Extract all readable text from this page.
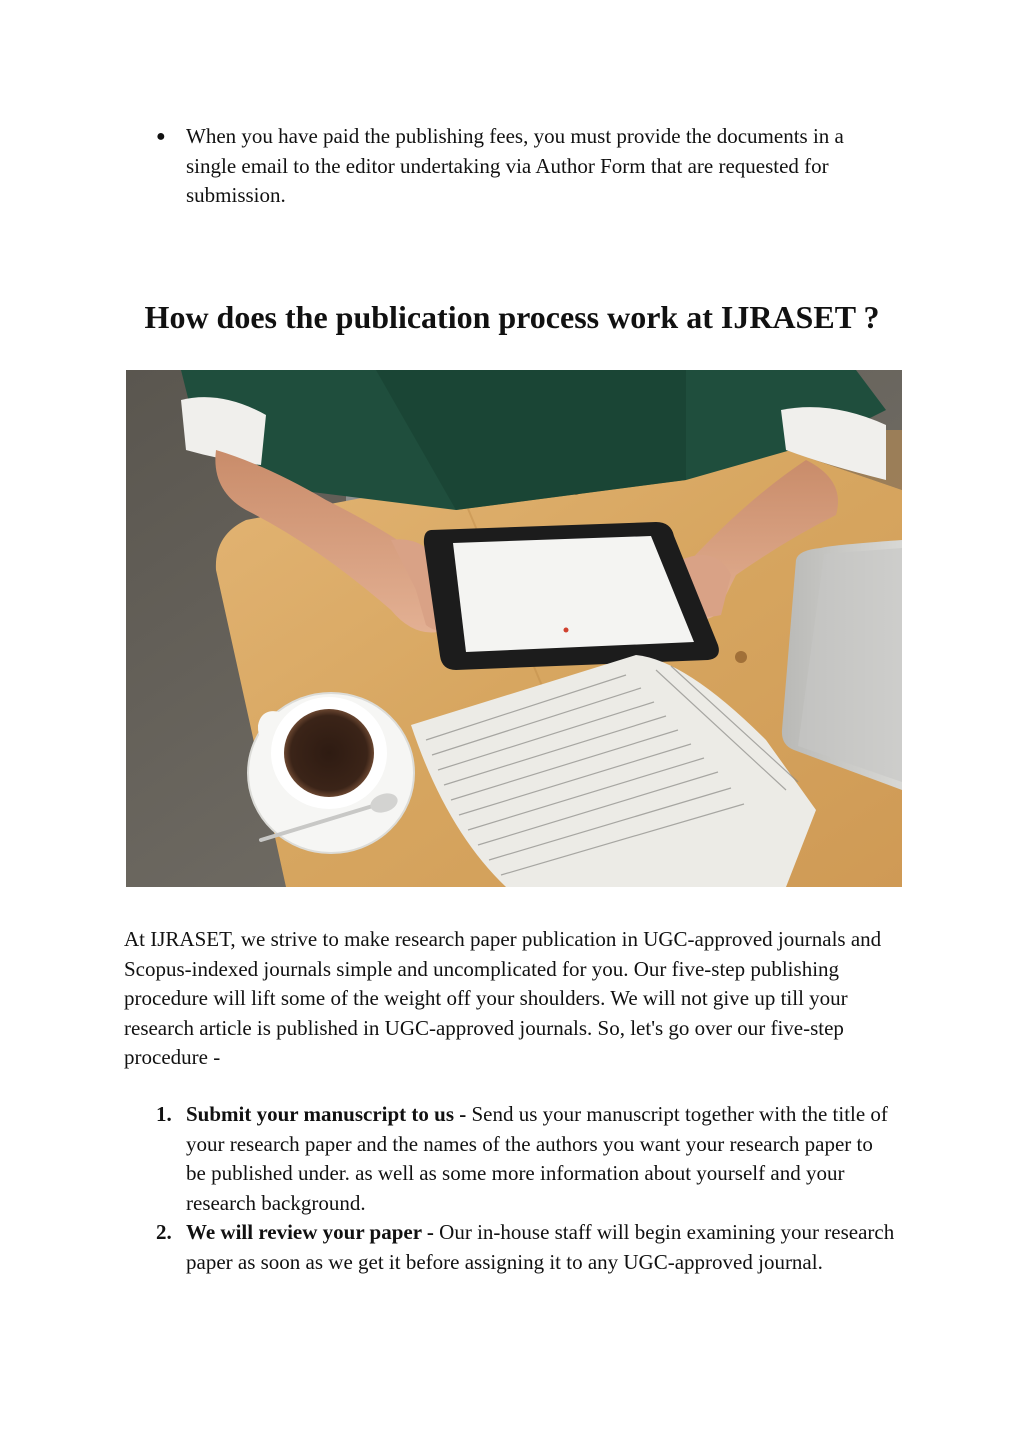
● When you have paid the publishing fees, you must provide the documents in a single email to the editor undertaking via Author Form that are requested for submission.
How does the publication process work at IJRASET ?

At IJRASET, we strive to make research paper publication in UGC-approved journals and Scopus-indexed journals simple and uncomplicated for you. Our five-step publishing procedure will lift some of the weight off your shoulders. We will not give up till your research article is published in UGC-approved journals. So, let's go over our five-step procedure -

1. Submit your manuscript to us - Send us your manuscript together with the title of your research paper and the names of the authors you want your research paper to be published under. as well as some more information about yourself and your research background.
2. We will review your paper - Our in-house staff will begin examining your research paper as soon as we get it before assigning it to any UGC-approved journal.
